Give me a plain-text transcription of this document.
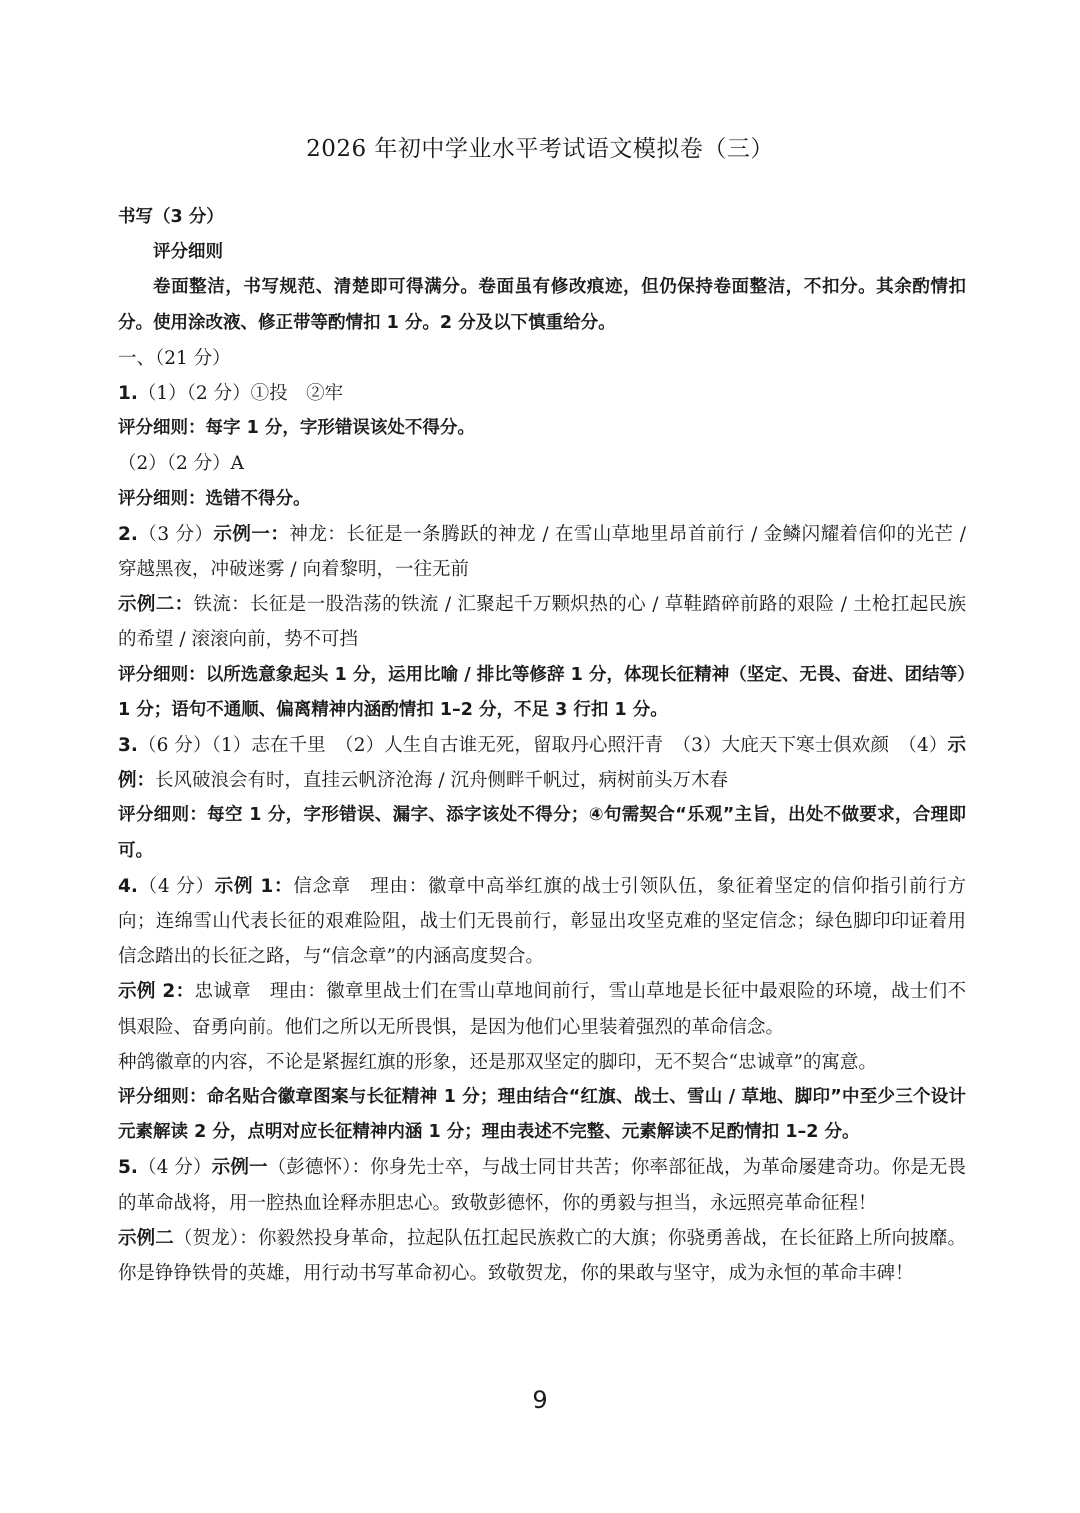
2026 年初中学业水平考试语文模拟卷（三）

书写（3 分）

评分细则

卷面整洁，书写规范、清楚即可得满分。卷面虽有修改痕迹，但仍保持卷面整洁，不扣分。其余酌情扣分。使用涂改液、修正带等酌情扣 1 分。2 分及以下慎重给分。

一、（21 分）

1.（1）（2 分）①投　②牢

评分细则：每字 1 分，字形错误该处不得分。

（2）（2 分）A

评分细则：选错不得分。

2.（3 分）示例一：神龙：长征是一条腾跃的神龙 / 在雪山草地里昂首前行 / 金鳞闪耀着信仰的光芒 / 穿越黑夜，冲破迷雾 / 向着黎明，一往无前

示例二：铁流：长征是一股浩荡的铁流 / 汇聚起千万颗炽热的心 / 草鞋踏碎前路的艰险 / 土枪扛起民族的希望 / 滚滚向前，势不可挡

评分细则：以所选意象起头 1 分，运用比喻 / 排比等修辞 1 分，体现长征精神（坚定、无畏、奋进、团结等）1 分；语句不通顺、偏离精神内涵酌情扣 1–2 分，不足 3 行扣 1 分。

3.（6 分）（1）志在千里　（2）人生自古谁无死，留取丹心照汗青　（3）大庇天下寒士俱欢颜　（4）示例：长风破浪会有时，直挂云帆济沧海 / 沉舟侧畔千帆过，病树前头万木春

评分细则：每空 1 分，字形错误、漏字、添字该处不得分；④句需契合“乐观”主旨，出处不做要求，合理即可。

4.（4 分）示例 1：信念章　理由：徽章中高举红旗的战士引领队伍，象征着坚定的信仰指引前行方向；连绵雪山代表长征的艰难险阻，战士们无畏前行，彰显出攻坚克难的坚定信念；绿色脚印印证着用信念踏出的长征之路，与“信念章”的内涵高度契合。

示例 2：忠诚章　理由：徽章里战士们在雪山草地间前行，雪山草地是长征中最艰险的环境，战士们不惧艰险、奋勇向前。他们之所以无所畏惧，是因为他们心里装着强烈的革命信念。

种鸽徽章的内容，不论是紧握红旗的形象，还是那双坚定的脚印，无不契合“忠诚章”的寓意。

评分细则：命名贴合徽章图案与长征精神 1 分；理由结合“红旗、战士、雪山 / 草地、脚印”中至少三个设计元素解读 2 分，点明对应长征精神内涵 1 分；理由表述不完整、元素解读不足酌情扣 1–2 分。

5.（4 分）示例一（彭德怀）：你身先士卒，与战士同甘共苦；你率部征战，为革命屡建奇功。你是无畏的革命战将，用一腔热血诠释赤胆忠心。致敬彭德怀，你的勇毅与担当，永远照亮革命征程！

示例二（贺龙）：你毅然投身革命，拉起队伍扛起民族救亡的大旗；你骁勇善战，在长征路上所向披靡。你是铮铮铁骨的英雄，用行动书写革命初心。致敬贺龙，你的果敢与坚守，成为永恒的革命丰碑！

9
